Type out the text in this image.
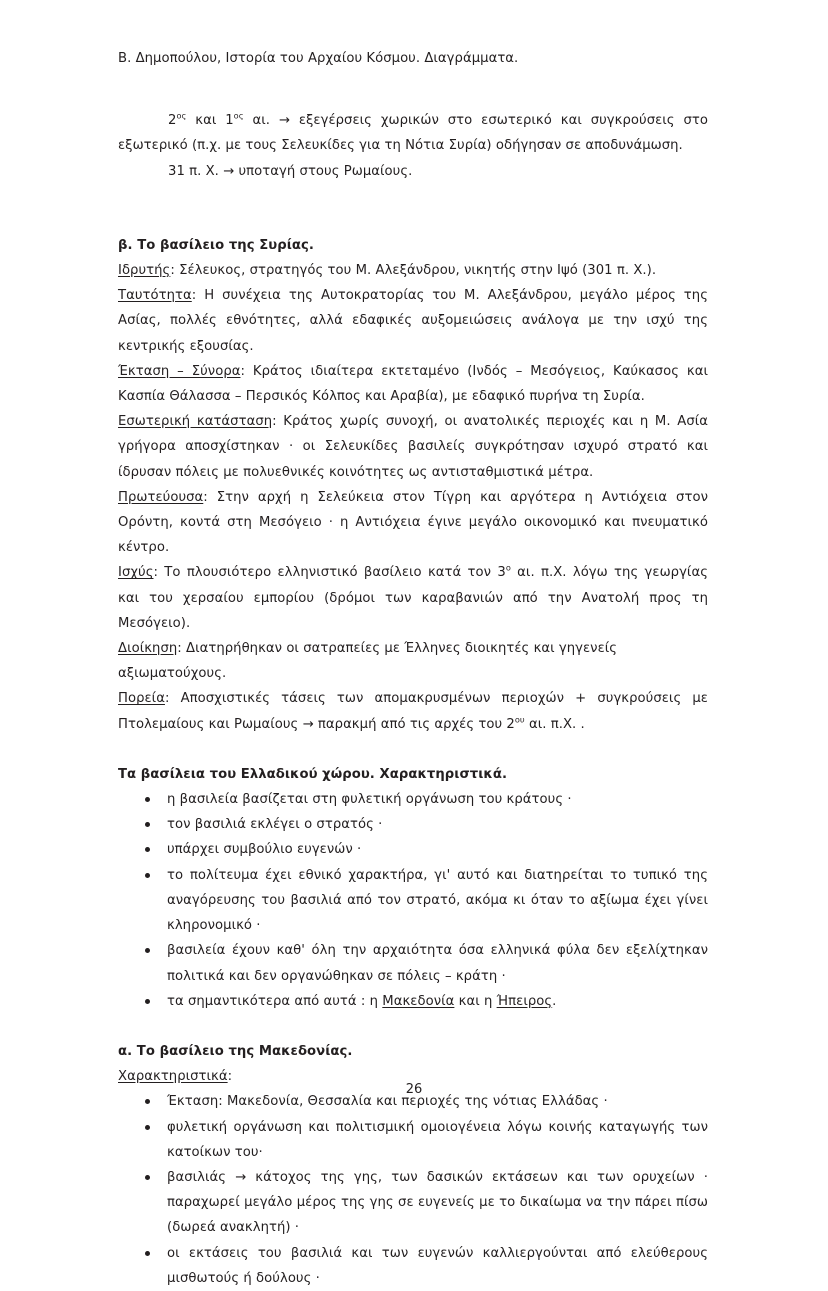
Β. Δημοπούλου, Ιστορία του Αρχαίου Κόσμου. Διαγράμματα.

$2^{o\varsigma}$ και $1^{o\varsigma}$ αι. → εξεγέρσεις χωρικών στο εσωτερικό και συγκρούσεις στο εξωτερικό (π.χ. με τους Σελευκίδες για τη Νότια Συρία) οδήγησαν σε αποδυνάμωση.

31 π. Χ. → υποταγή στους Ρωμαίους.

β. Το βασίλειο της Συρίας.

Ιδρυτής: Σέλευκος, στρατηγός του Μ. Αλεξάνδρου, νικητής στην Ιψό (301 π. Χ.).

Ταυτότητα: Η συνέχεια της Αυτοκρατορίας του Μ. Αλεξάνδρου, μεγάλο μέρος της Ασίας, πολλές εθνότητες, αλλά εδαφικές αυξομειώσεις ανάλογα με την ισχύ της κεντρικής εξουσίας.

Έκταση – Σύνορα: Κράτος ιδιαίτερα εκτεταμένο (Ινδός – Μεσόγειος, Καύκασος και Κασπία Θάλασσα – Περσικός Κόλπος και Αραβία), με εδαφικό πυρήνα τη Συρία.

Εσωτερική κατάσταση: Κράτος χωρίς συνοχή, οι ανατολικές περιοχές και η Μ. Ασία γρήγορα αποσχίστηκαν · οι Σελευκίδες βασιλείς συγκρότησαν ισχυρό στρατό και ίδρυσαν πόλεις με πολυεθνικές κοινότητες ως αντισταθμιστικά μέτρα.

Πρωτεύουσα: Στην αρχή η Σελεύκεια στον Τίγρη και αργότερα η Αντιόχεια στον Ορόντη, κοντά στη Μεσόγειο · η Αντιόχεια έγινε μεγάλο οικονομικό και πνευματικό κέντρο.

Ισχύς: Το πλουσιότερο ελληνιστικό βασίλειο κατά τον $3^o$ αι. π.Χ. λόγω της γεωργίας και του χερσαίου εμπορίου (δρόμοι των καραβανιών από την Ανατολή προς τη Μεσόγειο).

Διοίκηση: Διατηρήθηκαν οι σατραπείες με Έλληνες διοικητές και γηγενείς αξιωματούχους.

Πορεία: Αποσχιστικές τάσεις των απομακρυσμένων περιοχών + συγκρούσεις με Πτολεμαίους και Ρωμαίους → παρακμή από τις αρχές του $2^{o\upsilon}$ αι. π.Χ. .

Τα βασίλεια του Ελλαδικού χώρου. Χαρακτηριστικά.

η βασιλεία βασίζεται στη φυλετική οργάνωση του κράτους ·
τον βασιλιά εκλέγει ο στρατός ·
υπάρχει συμβούλιο ευγενών ·
το πολίτευμα έχει εθνικό χαρακτήρα, γι' αυτό και διατηρείται το τυπικό της αναγόρευσης του βασιλιά από τον στρατό, ακόμα κι όταν το αξίωμα έχει γίνει κληρονομικό ·
βασιλεία έχουν καθ' όλη την αρχαιότητα όσα ελληνικά φύλα δεν εξελίχτηκαν πολιτικά και δεν οργανώθηκαν σε πόλεις – κράτη ·
τα σημαντικότερα από αυτά : η Μακεδονία και η Ήπειρος.

α. Το βασίλειο της Μακεδονίας.

Χαρακτηριστικά:

Έκταση: Μακεδονία, Θεσσαλία και περιοχές της νότιας Ελλάδας ·
φυλετική οργάνωση και πολιτισμική ομοιογένεια λόγω κοινής καταγωγής των κατοίκων του·
βασιλιάς → κάτοχος της γης, των δασικών εκτάσεων και των ορυχείων · παραχωρεί μεγάλο μέρος της γης σε ευγενείς με το δικαίωμα να την πάρει πίσω (δωρεά ανακλητή) ·
οι εκτάσεις του βασιλιά και των ευγενών καλλιεργούνται από ελεύθερους μισθωτούς ή δούλους ·
26
